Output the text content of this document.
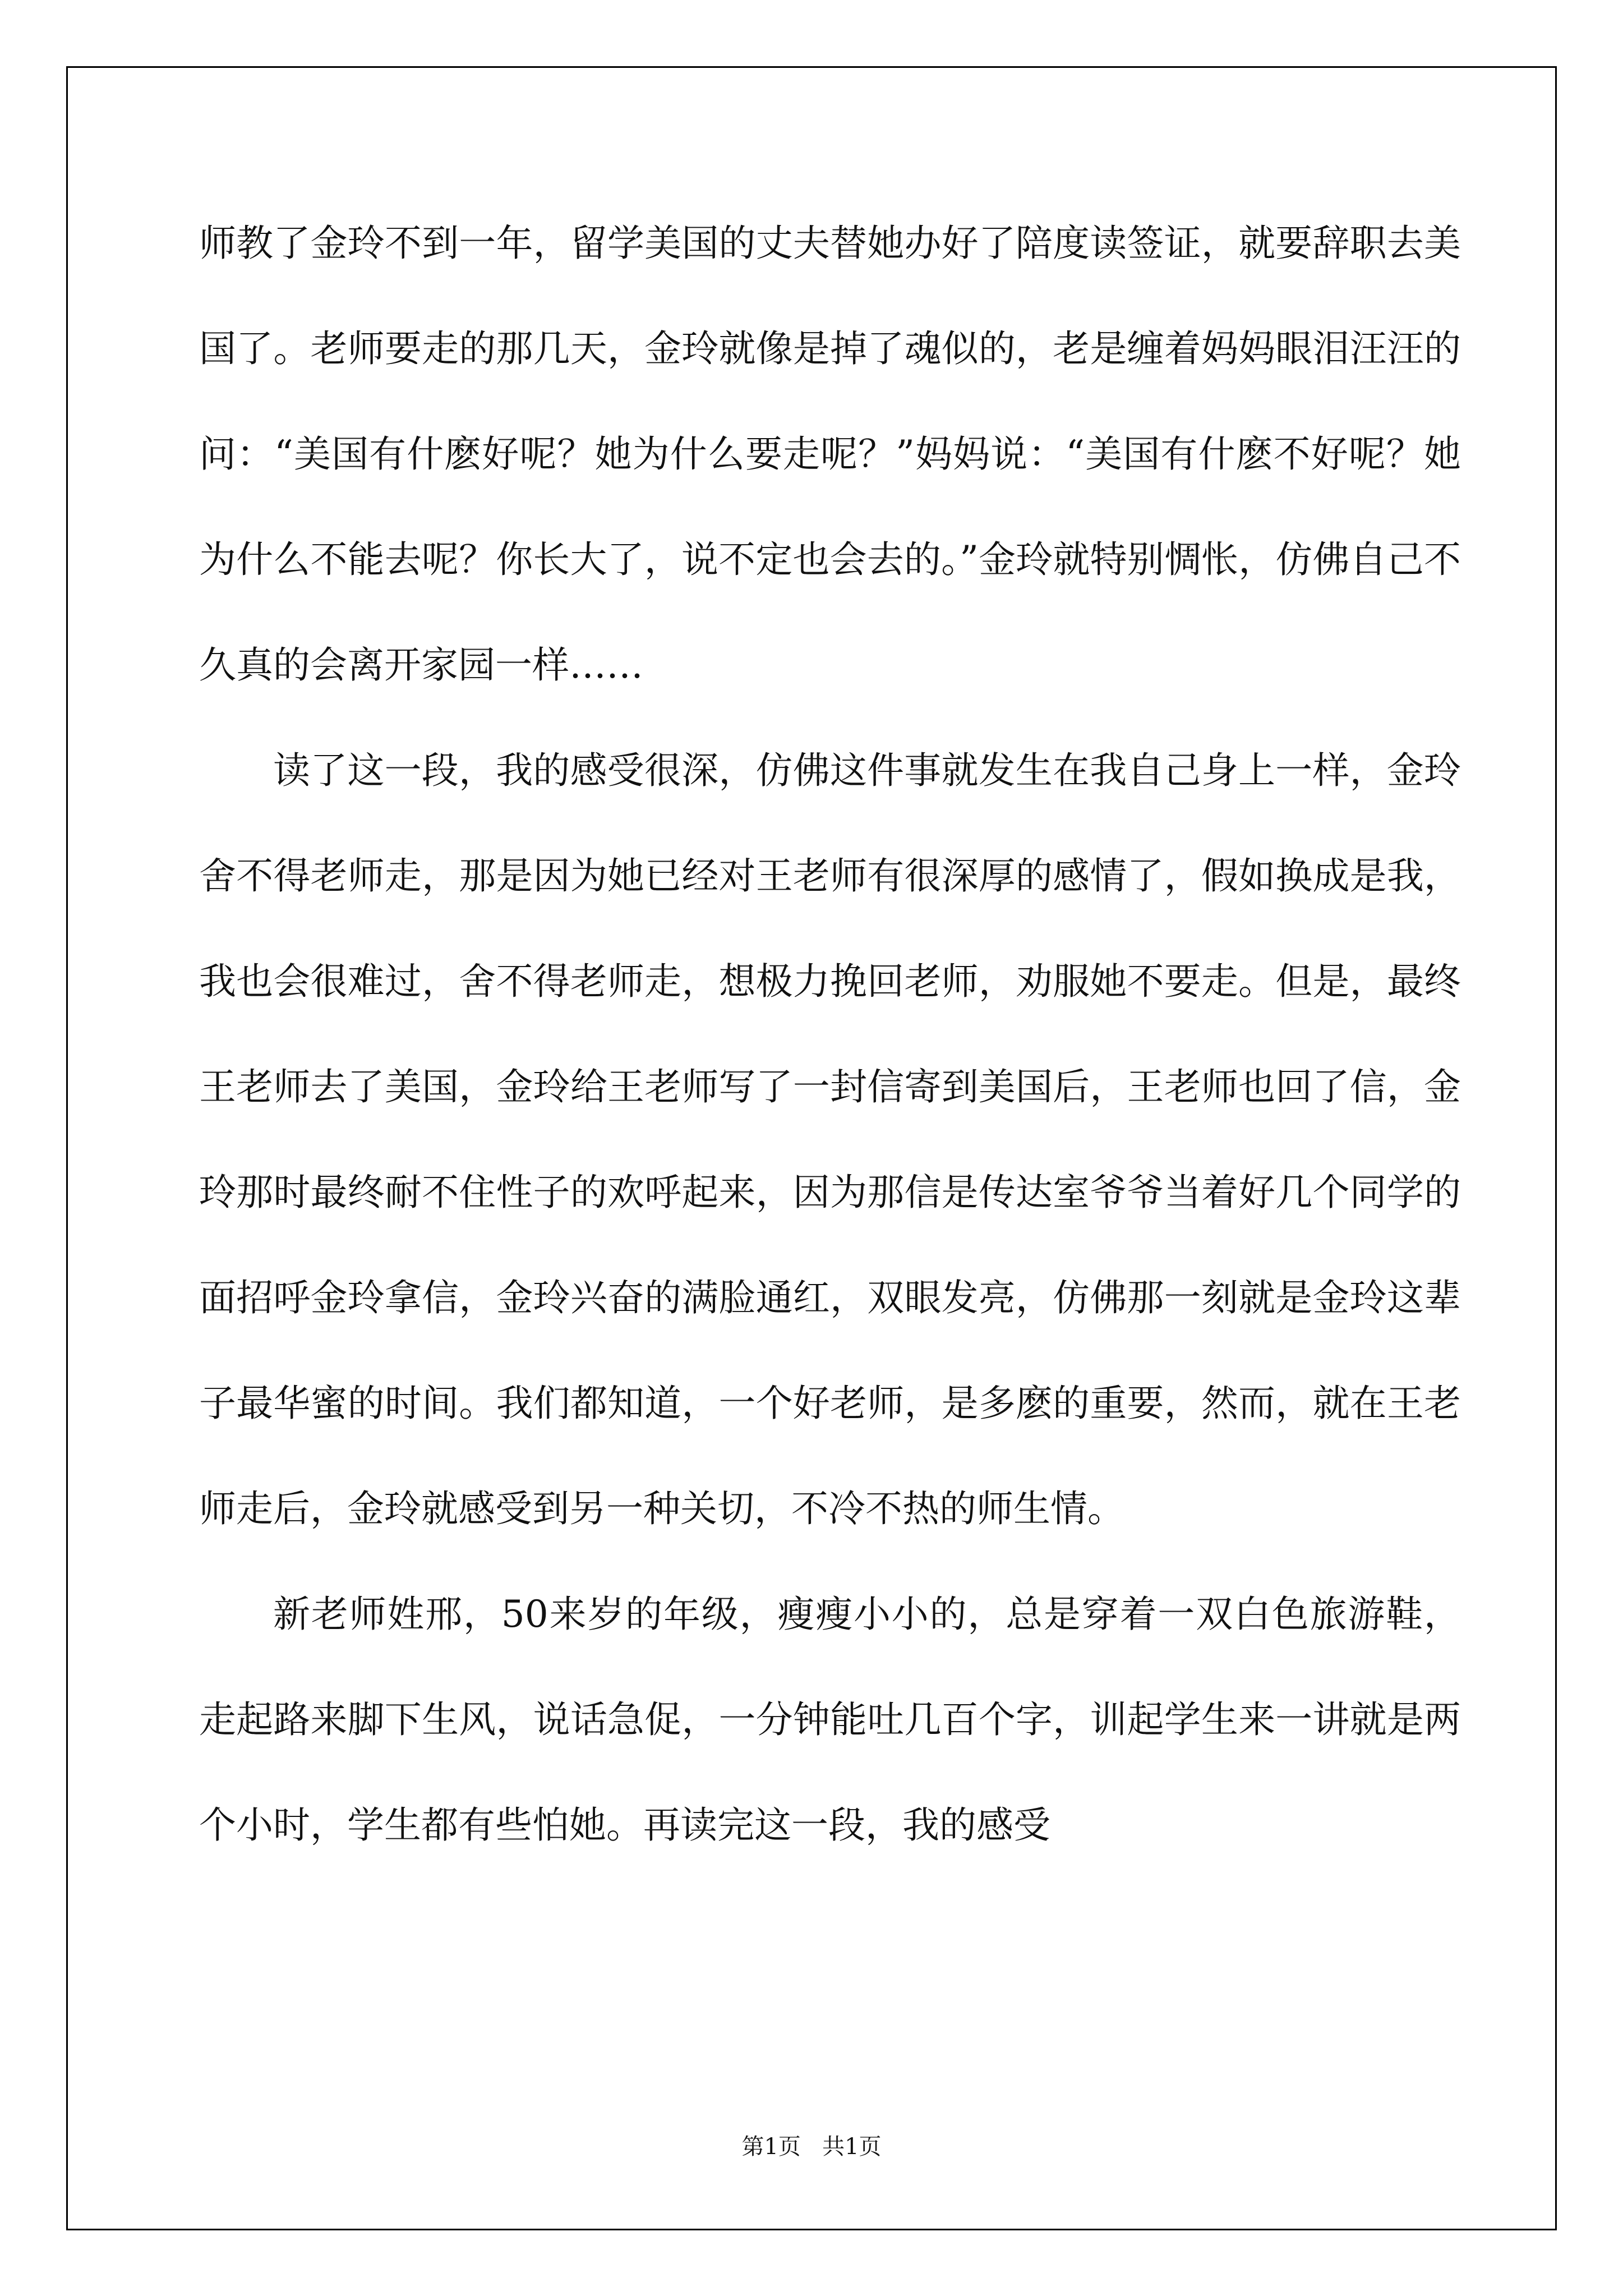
师教了金玲不到一年，留学美国的丈夫替她办好了陪度读签证，就要辞职去美国了。老师要走的那几天，金玲就像是掉了魂似的，老是缠着妈妈眼泪汪汪的问：“美国有什麽好呢？她为什么要走呢？”妈妈说：“美国有什麽不好呢？她为什么不能去呢？你长大了，说不定也会去的。”金玲就特别惆怅，仿佛自己不久真的会离开家园一样……

读了这一段，我的感受很深，仿佛这件事就发生在我自己身上一样，金玲舍不得老师走，那是因为她已经对王老师有很深厚的感情了，假如换成是我，我也会很难过，舍不得老师走，想极力挽回老师，劝服她不要走。但是，最终王老师去了美国，金玲给王老师写了一封信寄到美国后，王老师也回了信，金玲那时最终耐不住性子的欢呼起来，因为那信是传达室爷爷当着好几个同学的面招呼金玲拿信，金玲兴奋的满脸通红，双眼发亮，仿佛那一刻就是金玲这辈子最华蜜的时间。我们都知道，一个好老师，是多麽的重要，然而，就在王老师走后，金玲就感受到另一种关切，不冷不热的师生情。

新老师姓邢，50来岁的年级，瘦瘦小小的，总是穿着一双白色旅游鞋，走起路来脚下生风，说话急促，一分钟能吐几百个字，训起学生来一讲就是两个小时，学生都有些怕她。再读完这一段，我的感受

第1页 共1页
